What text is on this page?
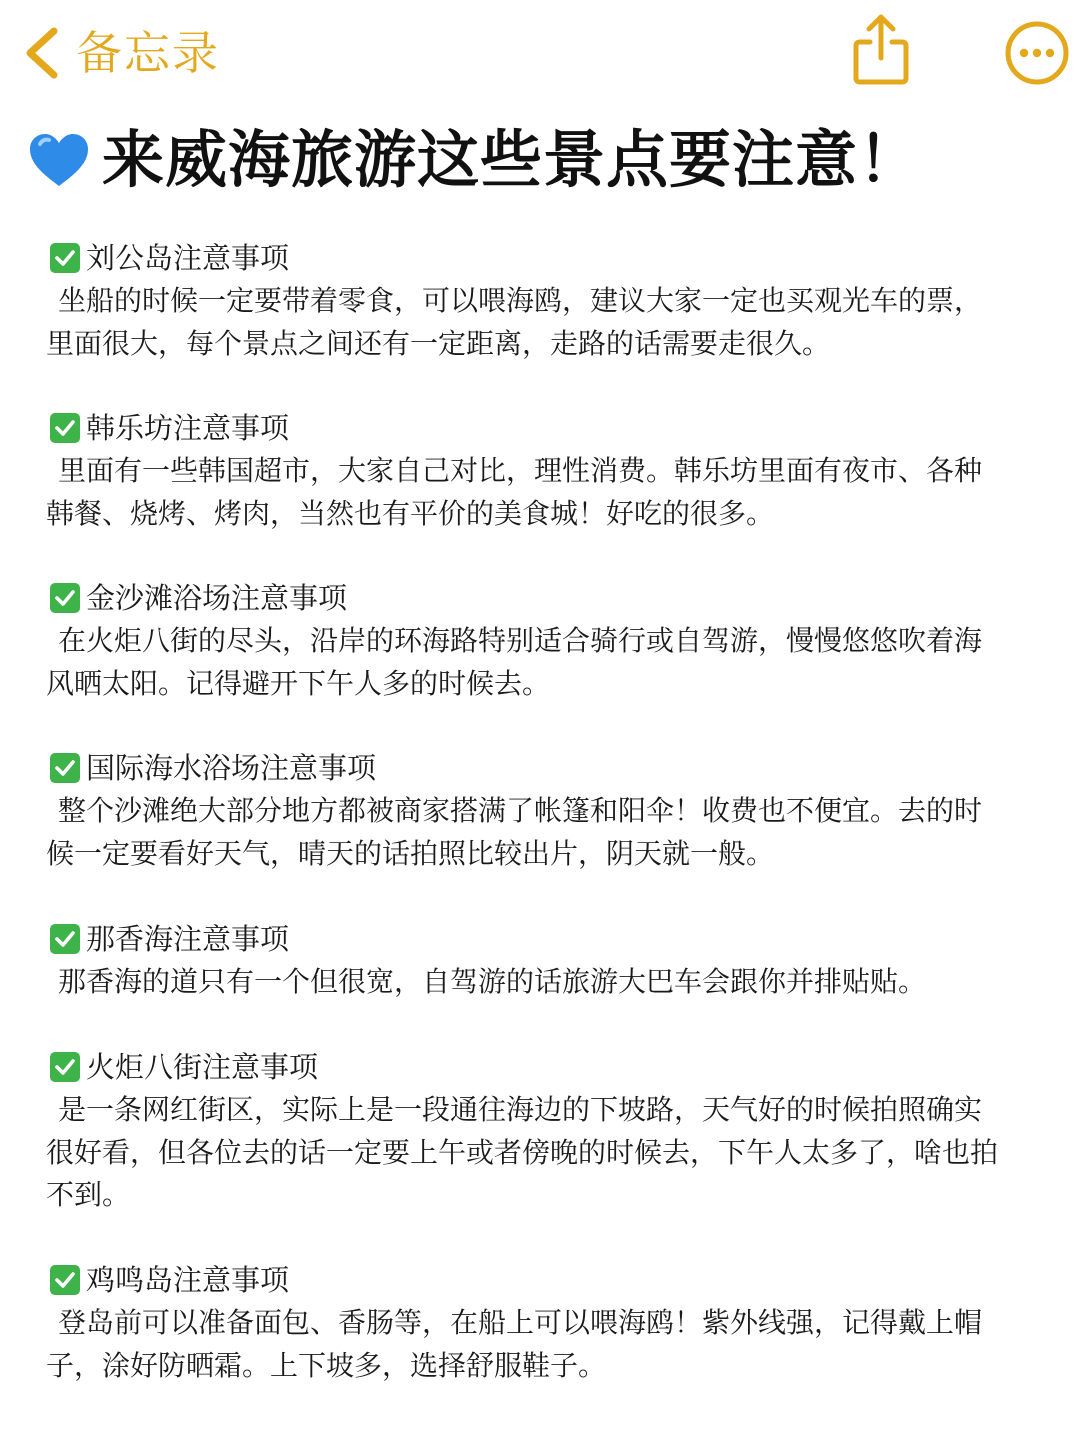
备忘录
来威海旅游这些景点要注意！
刘公岛注意事项

坐船的时候一定要带着零食，可以喂海鸥，建议大家一定也买观光车的票，里面很大，每个景点之间还有一定距离，走路的话需要走很久。

韩乐坊注意事项

里面有一些韩国超市，大家自己对比，理性消费。韩乐坊里面有夜市、各种韩餐、烧烤、烤肉，当然也有平价的美食城！好吃的很多。

金沙滩浴场注意事项

在火炬八街的尽头，沿岸的环海路特别适合骑行或自驾游，慢慢悠悠吹着海风晒太阳。记得避开下午人多的时候去。

国际海水浴场注意事项

整个沙滩绝大部分地方都被商家搭满了帐篷和阳伞！收费也不便宜。去的时候一定要看好天气，晴天的话拍照比较出片，阴天就一般。

那香海注意事项

那香海的道只有一个但很宽，自驾游的话旅游大巴车会跟你并排贴贴。

火炬八街注意事项

是一条网红街区，实际上是一段通往海边的下坡路，天气好的时候拍照确实很好看，但各位去的话一定要上午或者傍晚的时候去，下午人太多了，啥也拍不到。

鸡鸣岛注意事项

登岛前可以准备面包、香肠等，在船上可以喂海鸥！紫外线强，记得戴上帽子，涂好防晒霜。上下坡多，选择舒服鞋子。
